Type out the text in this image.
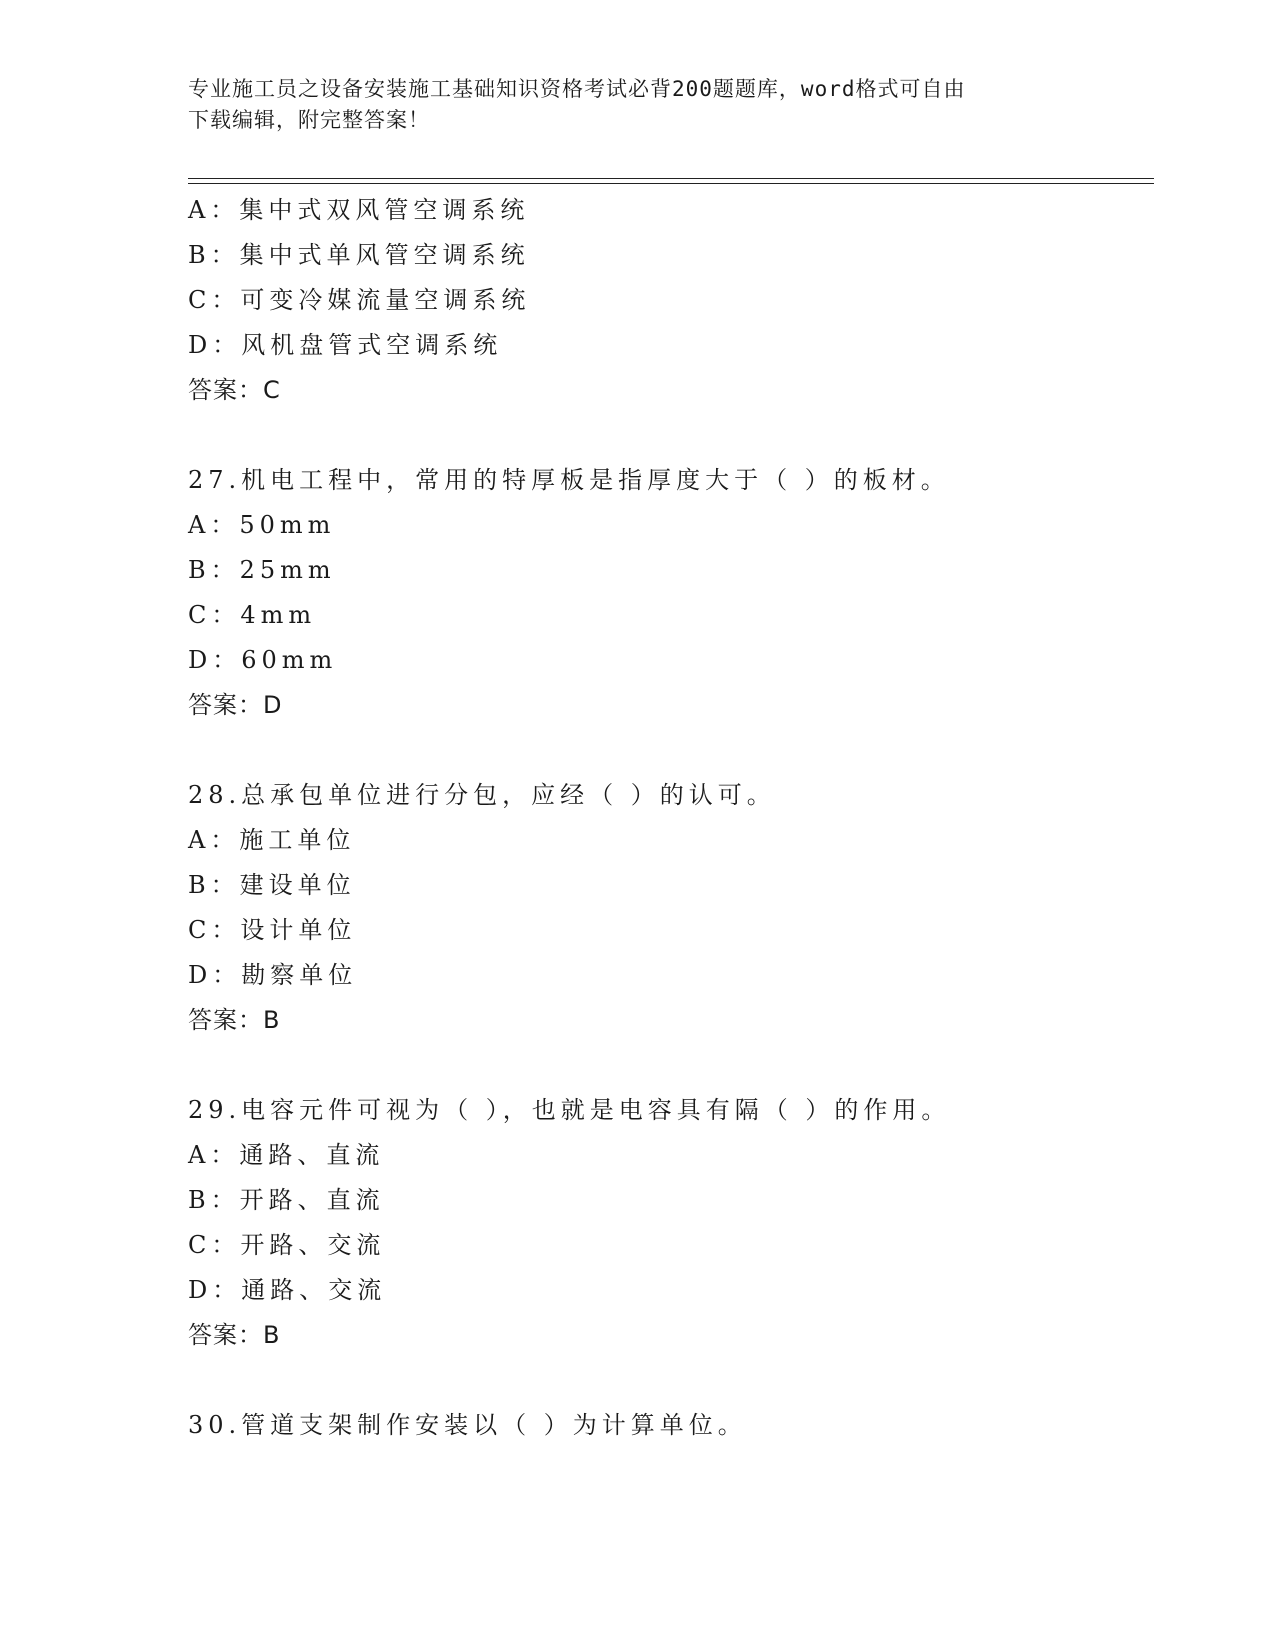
专业施工员之设备安装施工基础知识资格考试必背200题题库，word格式可自由
下载编辑，附完整答案！
A：集中式双风管空调系统
B：集中式单风管空调系统
C：可变冷媒流量空调系统
D：风机盘管式空调系统
答案：C
27.机电工程中，常用的特厚板是指厚度大于（ ）的板材。
A：50mm
B：25mm
C：4mm
D：60mm
答案：D
28.总承包单位进行分包，应经（ ）的认可。
A：施工单位
B：建设单位
C：设计单位
D：勘察单位
答案：B
29.电容元件可视为（ ），也就是电容具有隔（ ）的作用。
A：通路、直流
B：开路、直流
C：开路、交流
D：通路、交流
答案：B
30.管道支架制作安装以（ ）为计算单位。
